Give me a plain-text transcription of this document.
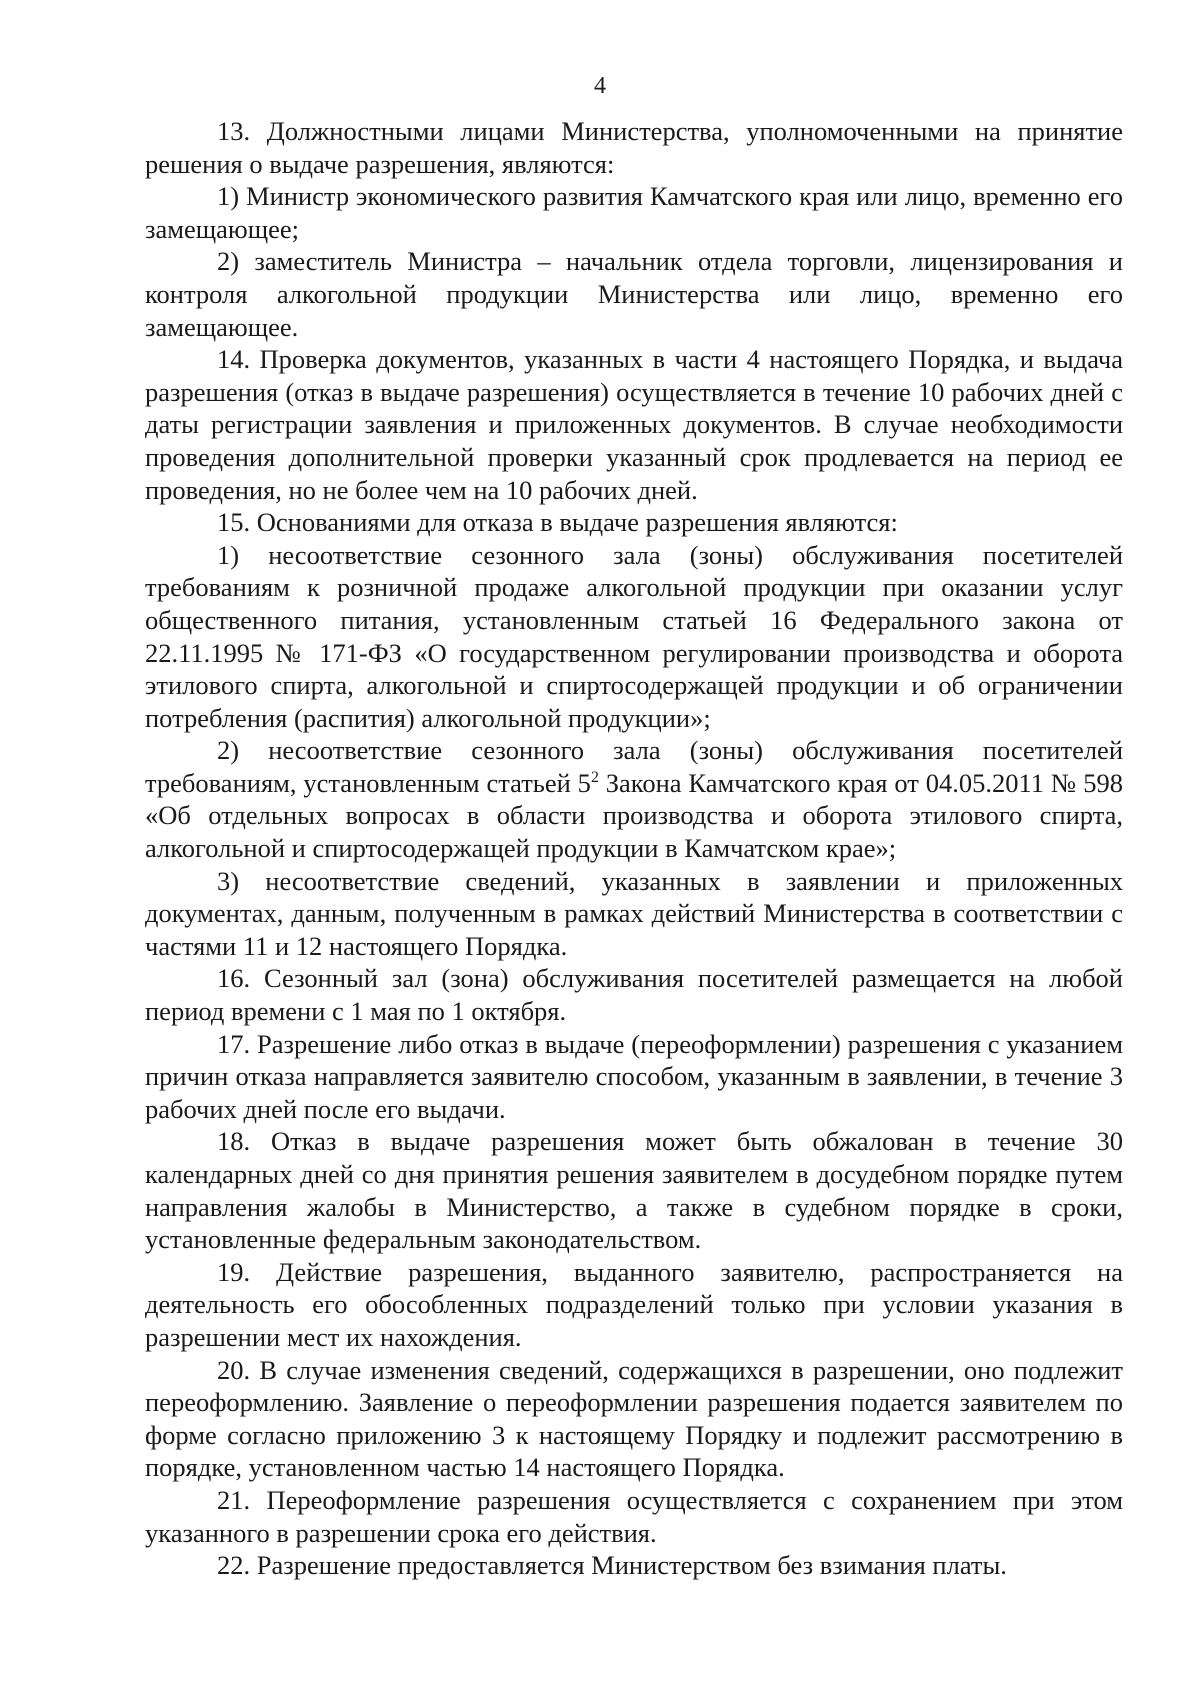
4

13. Должностными лицами Министерства, уполномоченными на принятие решения о выдаче разрешения, являются:

1) Министр экономического развития Камчатского края или лицо, временно его замещающее;

2) заместитель Министра – начальник отдела торговли, лицензирования и контроля алкогольной продукции Министерства или лицо, временно его замещающее.

14. Проверка документов, указанных в части 4 настоящего Порядка, и выдача разрешения (отказ в выдаче разрешения) осуществляется в течение 10 рабочих дней с даты регистрации заявления и приложенных документов. В случае необходимости проведения дополнительной проверки указанный срок продлевается на период ее проведения, но не более чем на 10 рабочих дней.

15. Основаниями для отказа в выдаче разрешения являются:

1) несоответствие сезонного зала (зоны) обслуживания посетителей требованиям к розничной продаже алкогольной продукции при оказании услуг общественного питания, установленным статьей 16 Федерального закона от 22.11.1995 № 171-ФЗ «О государственном регулировании производства и оборота этилового спирта, алкогольной и спиртосодержащей продукции и об ограничении потребления (распития) алкогольной продукции»;

2) несоответствие сезонного зала (зоны) обслуживания посетителей требованиям, установленным статьей $5^2$ Закона Камчатского края от 04.05.2011 № 598 «Об отдельных вопросах в области производства и оборота этилового спирта, алкогольной и спиртосодержащей продукции в Камчатском крае»;

3) несоответствие сведений, указанных в заявлении и приложенных документах, данным, полученным в рамках действий Министерства в соответствии с частями 11 и 12 настоящего Порядка.

16. Сезонный зал (зона) обслуживания посетителей размещается на любой период времени с 1 мая по 1 октября.

17. Разрешение либо отказ в выдаче (переоформлении) разрешения с указанием причин отказа направляется заявителю способом, указанным в заявлении, в течение 3 рабочих дней после его выдачи.

18. Отказ в выдаче разрешения может быть обжалован в течение 30 календарных дней со дня принятия решения заявителем в досудебном порядке путем направления жалобы в Министерство, а также в судебном порядке в сроки, установленные федеральным законодательством.

19. Действие разрешения, выданного заявителю, распространяется на деятельность его обособленных подразделений только при условии указания в разрешении мест их нахождения.

20. В случае изменения сведений, содержащихся в разрешении, оно подлежит переоформлению. Заявление о переоформлении разрешения подается заявителем по форме согласно приложению 3 к настоящему Порядку и подлежит рассмотрению в порядке, установленном частью 14 настоящего Порядка.

21. Переоформление разрешения осуществляется с сохранением при этом указанного в разрешении срока его действия.

22. Разрешение предоставляется Министерством без взимания платы.
